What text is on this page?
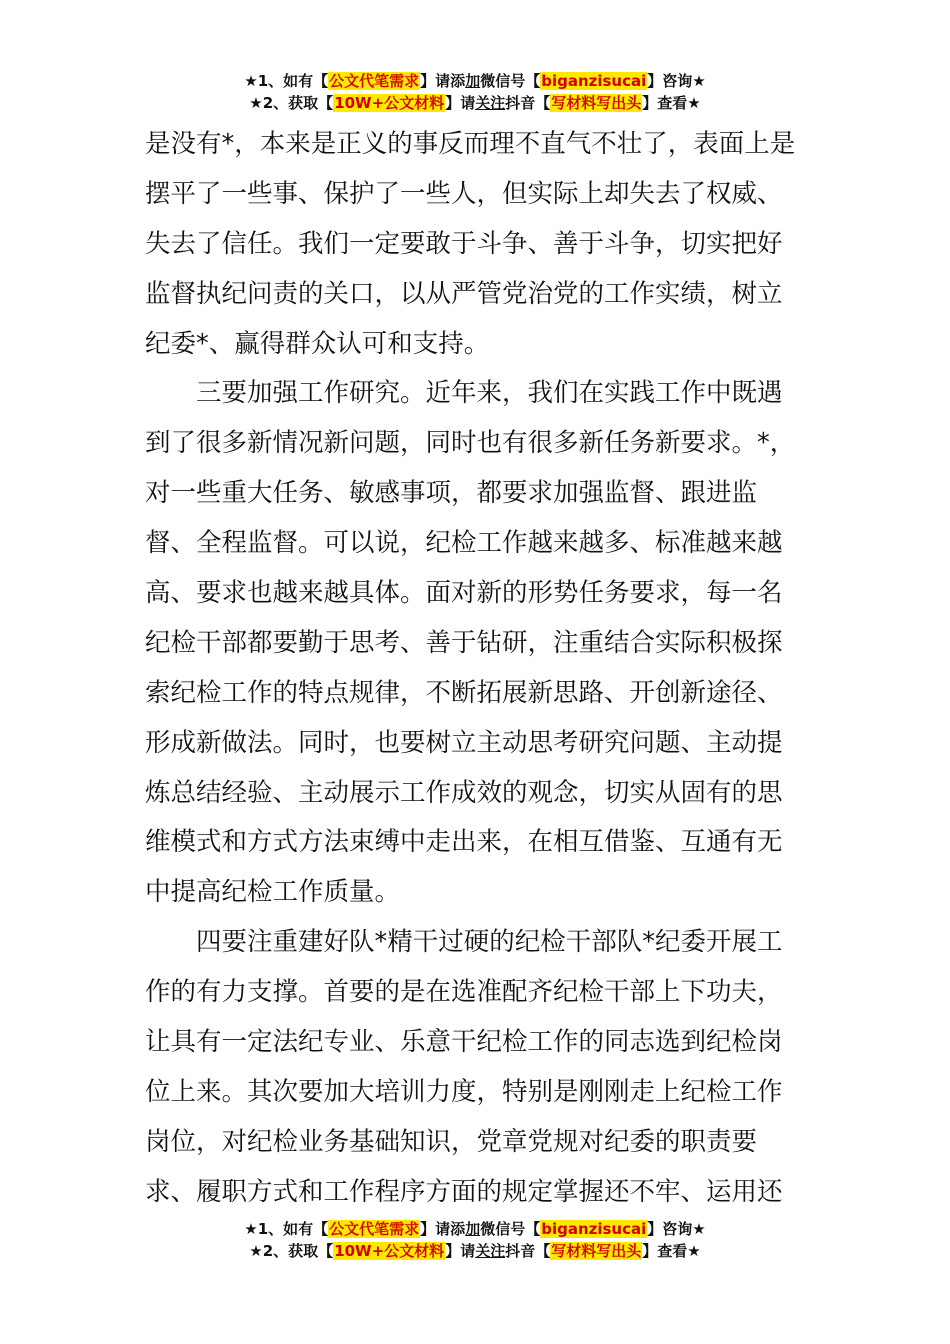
★1、如有【公文代笔需求】请添加微信号【biganzisucai】咨询★
★2、获取【10W+公文材料】请关注抖音【写材料写出头】查看★
是没有*，本来是正义的事反而理不直气不壮了，表面上是
摆平了一些事、保护了一些人，但实际上却失去了权威、
失去了信任。我们一定要敢于斗争、善于斗争，切实把好
监督执纪问责的关口，以从严管党治党的工作实绩，树立
纪委*、赢得群众认可和支持。
三要加强工作研究。近年来，我们在实践工作中既遇
到了很多新情况新问题，同时也有很多新任务新要求。*，
对一些重大任务、敏感事项，都要求加强监督、跟进监
督、全程监督。可以说，纪检工作越来越多、标准越来越
高、要求也越来越具体。面对新的形势任务要求，每一名
纪检干部都要勤于思考、善于钻研，注重结合实际积极探
索纪检工作的特点规律，不断拓展新思路、开创新途径、
形成新做法。同时，也要树立主动思考研究问题、主动提
炼总结经验、主动展示工作成效的观念，切实从固有的思
维模式和方式方法束缚中走出来，在相互借鉴、互通有无
中提高纪检工作质量。
四要注重建好队*精干过硬的纪检干部队*纪委开展工
作的有力支撑。首要的是在选准配齐纪检干部上下功夫，
让具有一定法纪专业、乐意干纪检工作的同志选到纪检岗
位上来。其次要加大培训力度，特别是刚刚走上纪检工作
岗位，对纪检业务基础知识，党章党规对纪委的职责要
求、履职方式和工作程序方面的规定掌握还不牢、运用还
★1、如有【公文代笔需求】请添加微信号【biganzisucai】咨询★
★2、获取【10W+公文材料】请关注抖音【写材料写出头】查看★
